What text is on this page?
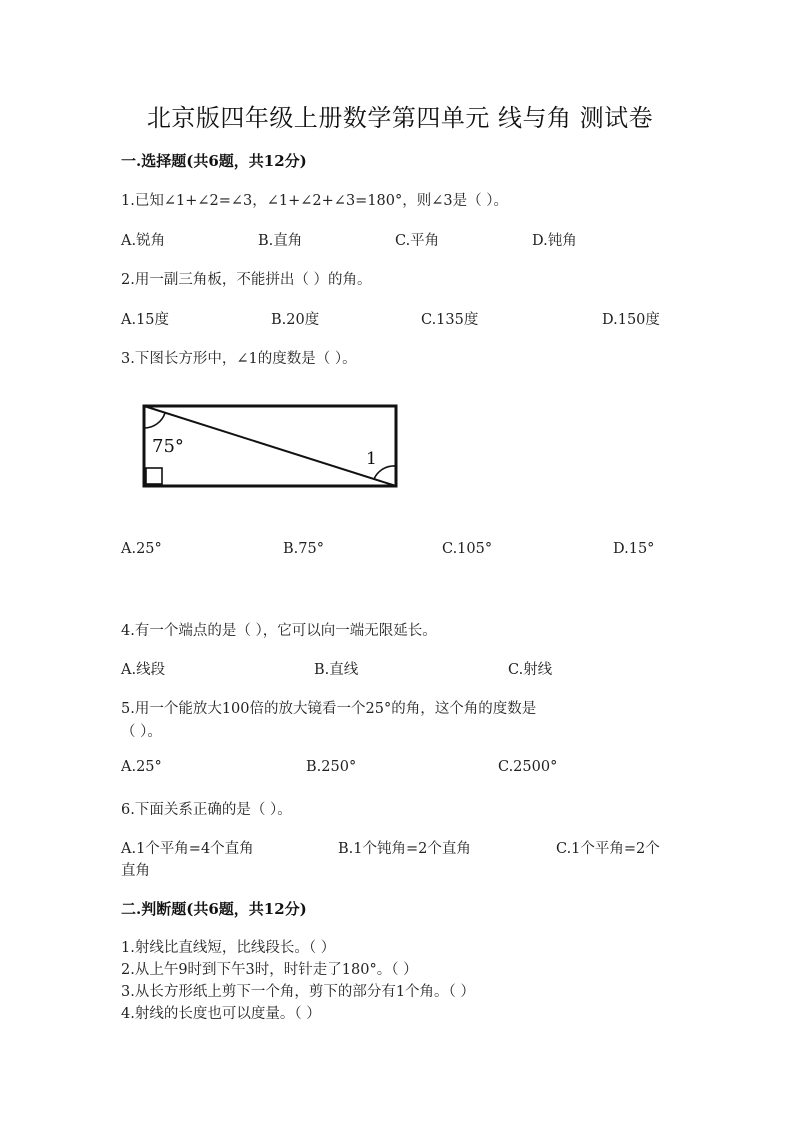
北京版四年级上册数学第四单元 线与角 测试卷
一.选择题(共6题，共12分)
1.已知∠1+∠2=∠3，∠1+∠2+∠3=180°，则∠3是（ ）。
A.锐角	B.直角	C.平角	D.钝角
2.用一副三角板，不能拼出（ ）的角。
A.15度	B.20度	C.135度	D.150度
3.下图长方形中，∠1的度数是（ ）。
75°
1
A.25°	B.75°	C.105°	D.15°
4.有一个端点的是（ ），它可以向一端无限延长。
A.线段	B.直线	C.射线
5.用一个能放大100倍的放大镜看一个25°的角，这个角的度数是
（ ）。
A.25°	B.250°	C.2500°
6.下面关系正确的是（ ）。
A.1个平角=4个直角	B.1个钝角=2个直角	C.1个平角=2个
直角
二.判断题(共6题，共12分)
1.射线比直线短，比线段长。（ ）
2.从上午9时到下午3时，时针走了180°。（ ）
3.从长方形纸上剪下一个角，剪下的部分有1个角。（ ）
4.射线的长度也可以度量。（ ）
